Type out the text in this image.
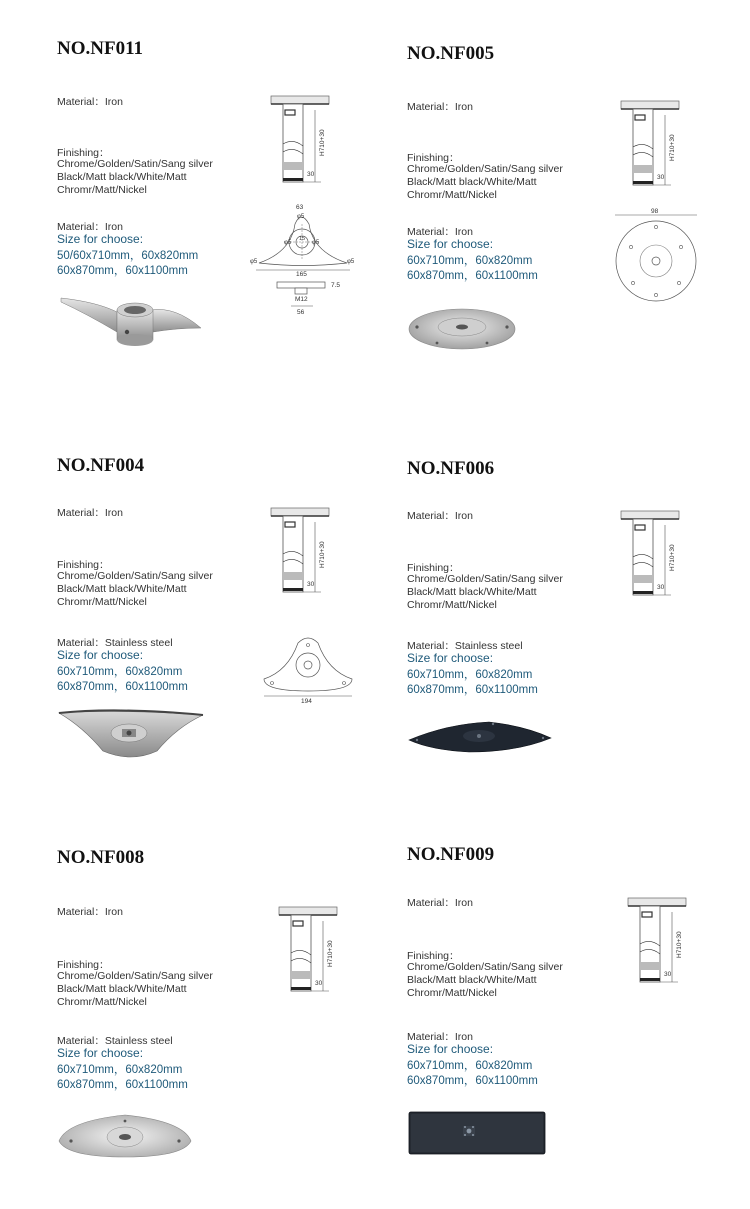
NO.NF011
Material：Iron
Finishing：
Chrome/Golden/Satin/Sang silver
Black/Matt black/White/Matt
Chromr/Matt/Nickel
Material：Iron
Size for choose:
50/60x710mm，60x820mm
60x870mm，60x1100mm
H710+30
30
63
φ5
φ5	φ5
15
φ5	φ5
165
7.5
M12
56
NO.NF005
Material：Iron
Finishing：
Chrome/Golden/Satin/Sang silver
Black/Matt black/White/Matt
Chromr/Matt/Nickel
Material：Iron
Size for choose:
60x710mm，60x820mm
60x870mm，60x1100mm
H710+30
30
98
NO.NF004
Material：Iron
Finishing：
Chrome/Golden/Satin/Sang silver
Black/Matt black/White/Matt
Chromr/Matt/Nickel
Material：Stainless steel
Size for choose:
60x710mm，60x820mm
60x870mm，60x1100mm
H710+30
30
194
NO.NF006
Material：Iron
Finishing：
Chrome/Golden/Satin/Sang silver
Black/Matt black/White/Matt
Chromr/Matt/Nickel
Material：Stainless steel
Size for choose:
60x710mm，60x820mm
60x870mm，60x1100mm
H710+30
30
NO.NF008
Material：Iron
Finishing：
Chrome/Golden/Satin/Sang silver
Black/Matt black/White/Matt
Chromr/Matt/Nickel
Material：Stainless steel
Size for choose:
60x710mm，60x820mm
60x870mm，60x1100mm
H710+30
30
NO.NF009
Material：Iron
Finishing：
Chrome/Golden/Satin/Sang silver
Black/Matt black/White/Matt
Chromr/Matt/Nickel
Material：Iron
Size for choose:
60x710mm，60x820mm
60x870mm，60x1100mm
H710+30
30
